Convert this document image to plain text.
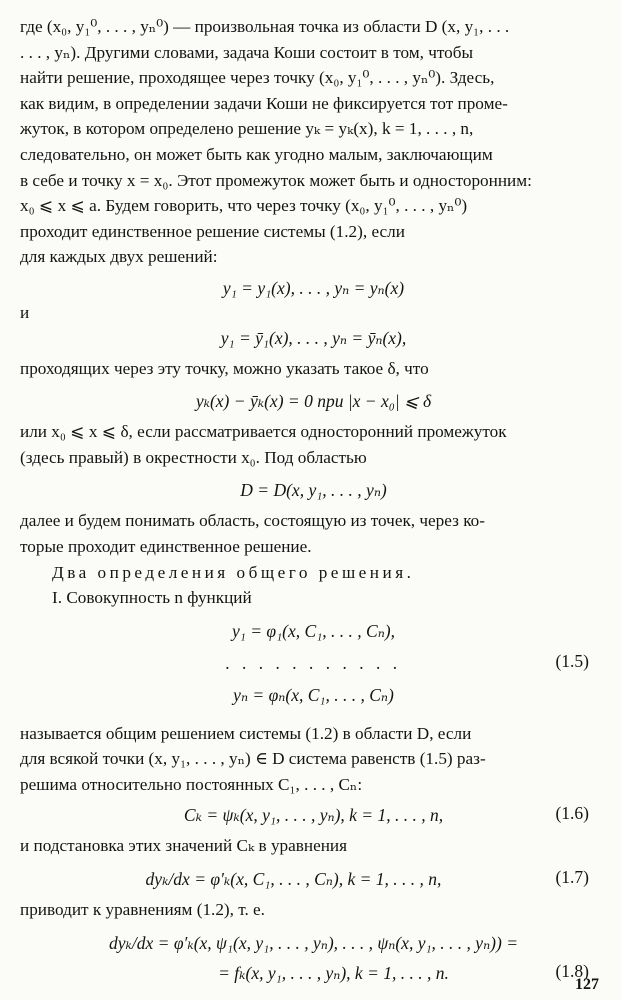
где (x₀, y₁⁰, . . . , yₙ⁰) — произвольная точка из области D (x, y₁, . . .

. . . , yₙ). Другими словами, задача Коши состоит в том, чтобы

найти решение, проходящее через точку (x₀, y₁⁰, . . . , yₙ⁰). Здесь,

как видим, в определении задачи Коши не фиксируется тот проме-

жуток, в котором определено решение yₖ = yₖ(x), k = 1, . . . , n,

следовательно, он может быть как угодно малым, заключающим

в себе и точку x = x₀. Этот промежуток может быть и односторонним:

x₀ ⩽ x ⩽ a. Будем говорить, что через точку (x₀, y₁⁰, . . . , yₙ⁰)

проходит единственное решение системы (1.2), если

для каждых двух решений:

y₁ = y₁(x), . . . , yₙ = yₙ(x)

и

y₁ = ȳ₁(x), . . . , yₙ = ȳₙ(x),

проходящих через эту точку, можно указать такое δ, что

yₖ(x) − ȳₖ(x) = 0 при |x − x₀| ⩽ δ

или x₀ ⩽ x ⩽ δ, если рассматривается односторонний промежуток

(здесь правый) в окрестности x₀. Под областью

D = D(x, y₁, . . . , yₙ)

далее и будем понимать область, состоящую из точек, через ко-

торые проходит единственное решение.

Два определения общего решения.

I. Совокупность n функций

y₁ = φ₁(x, C₁, . . . , Cₙ),

. . . . . . . . . . .

yₙ = φₙ(x, C₁, . . . , Cₙ)

(1.5)

называется общим решением системы (1.2) в области D, если

для всякой точки (x, y₁, . . . , yₙ) ∈ D система равенств (1.5) раз-

решима относительно постоянных C₁, . . . , Cₙ:

Cₖ = ψₖ(x, y₁, . . . , yₙ), k = 1, . . . , n,	(1.6)

и подстановка этих значений Cₖ в уравнения

dyₖ/dx = φ′ₖ(x, C₁, . . . , Cₙ), k = 1, . . . , n,	(1.7)

приводит к уравнениям (1.2), т. е.

dyₖ/dx = φ′ₖ(x, ψ₁(x, y₁, . . . , yₙ), . . . , ψₙ(x, y₁, . . . , yₙ)) =

= fₖ(x, y₁, . . . , yₙ), k = 1, . . . , n.	(1.8)
127
